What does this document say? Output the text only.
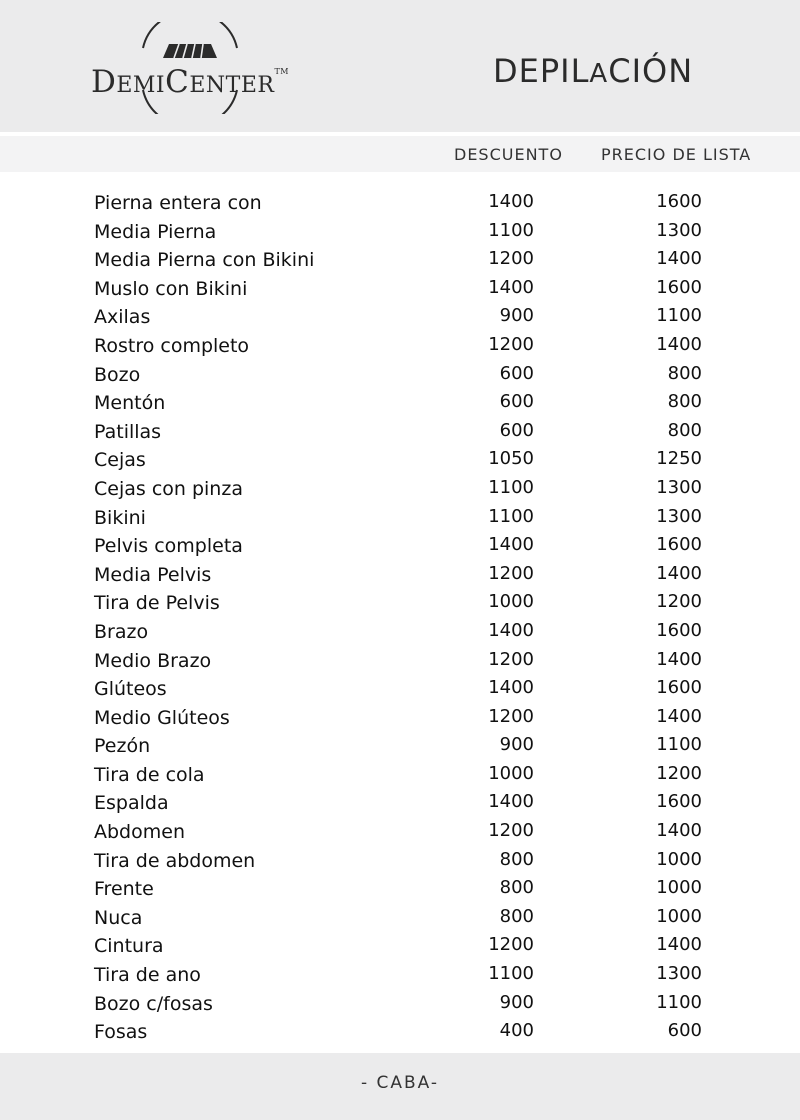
DEMICENTER™	DEPILACIÓN
DESCUENTO PRECIO DE LISTA
Pierna entera con	1400	1600
Media Pierna	1100	1300
Media Pierna con Bikini	1200	1400
Muslo con Bikini	1400	1600
Axilas	900	1100
Rostro completo	1200	1400
Bozo	600	800
Mentón	600	800
Patillas	600	800
Cejas	1050	1250
Cejas con pinza	1100	1300
Bikini	1100	1300
Pelvis completa	1400	1600
Media Pelvis	1200	1400
Tira de Pelvis	1000	1200
Brazo	1400	1600
Medio Brazo	1200	1400
Glúteos	1400	1600
Medio Glúteos	1200	1400
Pezón	900	1100
Tira de cola	1000	1200
Espalda	1400	1600
Abdomen	1200	1400
Tira de abdomen	800	1000
Frente	800	1000
Nuca	800	1000
Cintura	1200	1400
Tira de ano	1100	1300
Bozo c/fosas	900	1100
Fosas	400	600
- CABA-
